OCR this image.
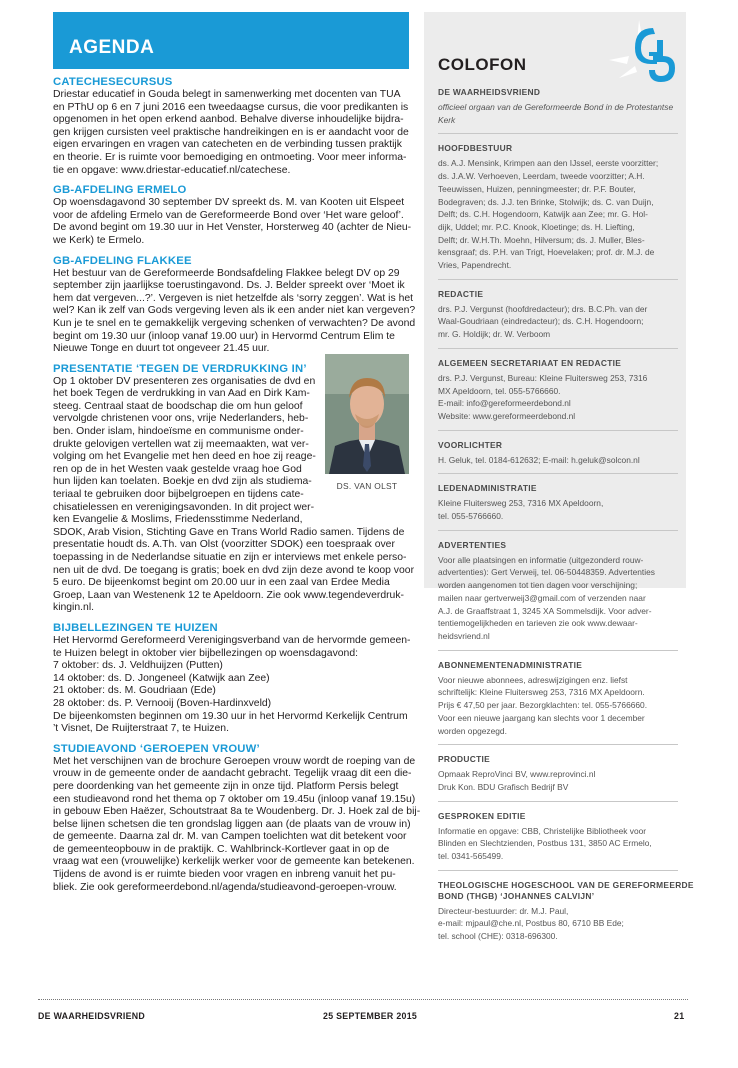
AGENDA
CATECHESECURSUS
Driestar educatief in Gouda belegt in samenwerking met docenten van TUA
en PThU op 6 en 7 juni 2016 een tweedaagse cursus, die voor predikanten is
opgenomen in het open erkend aanbod. Behalve diverse inhoudelijke bijdra-
gen krijgen cursisten veel praktische handreikingen en is er aandacht voor de
eigen ervaringen en vragen van catecheten en de verbinding tussen praktijk
en theorie. Er is ruimte voor bemoediging en ontmoeting. Voor meer informa-
tie en opgave: www.driestar-educatief.nl/catechese.
GB-AFDELING ERMELO
Op woensdagavond 30 september DV spreekt ds. M. van Kooten uit Elspeet
voor de afdeling Ermelo van de Gereformeerde Bond over ‘Het ware geloof’.
De avond begint om 19.30 uur in Het Venster, Horsterweg 40 (achter de Nieu-
we Kerk) te Ermelo.
GB-AFDELING FLAKKEE
Het bestuur van de Gereformeerde Bondsafdeling Flakkee belegt DV op 29
september zijn jaarlijkse toerustingavond. Ds. J. Belder spreekt over ‘Moet ik
hem dat vergeven...?’. Vergeven is niet hetzelfde als ‘sorry zeggen’. Wat is het
wel? Kan ik zelf van Gods vergeving leven als ik een ander niet kan vergeven?
Kun je te snel en te gemakkelijk vergeving schenken of verwachten? De avond
begint om 19.30 uur (inloop vanaf 19.00 uur) in Hervormd Centrum Elim te
Nieuwe Tonge en duurt tot ongeveer 21.45 uur.
PRESENTATIE ‘TEGEN DE VERDRUKKING IN’
Op 1 oktober DV presenteren zes organisaties de dvd en
het boek Tegen de verdrukking in van Aad en Dirk Kam-
steeg. Centraal staat de boodschap die om hun geloof
vervolgde christenen voor ons, vrije Nederlanders, heb-
ben. Onder islam, hindoeïsme en communisme onder-
drukte gelovigen vertellen wat zij meemaakten, wat ver-
volging om het Evangelie met hen deed en hoe zij reage-
ren op de in het Westen vaak gestelde vraag hoe God
hun lijden kan toelaten. Boekje en dvd zijn als studiema-
teriaal te gebruiken door bijbelgroepen en tijdens cate-
chisatielessen en verenigingsavonden. In dit project wer-
ken Evangelie & Moslims, Friedensstimme Nederland,
SDOK, Arab Vision, Stichting Gave en Trans World Radio samen. Tijdens de
presentatie houdt ds. A.Th. van Olst (voorzitter SDOK) een toespraak over
toepassing in de Nederlandse situatie en zijn er interviews met enkele perso-
nen uit de dvd. De toegang is gratis; boek en dvd zijn deze avond te koop voor
5 euro. De bijeenkomst begint om 20.00 uur in een zaal van Erdee Media
Groep, Laan van Westenenk 12 te Apeldoorn. Zie ook www.tegendeverdruk-
kingin.nl.
DS. VAN OLST
BIJBELLEZINGEN TE HUIZEN
Het Hervormd Gereformeerd Verenigingsverband van de hervormde gemeen-
te Huizen belegt in oktober vier bijbellezingen op woensdagavond:
7 oktober: ds. J. Veldhuijzen (Putten)
14 oktober: ds. D. Jongeneel (Katwijk aan Zee)
21 oktober: ds. M. Goudriaan (Ede)
28 oktober: ds. P. Vernooij (Boven-Hardinxveld)
De bijeenkomsten beginnen om 19.30 uur in het Hervormd Kerkelijk Centrum
’t Visnet, De Ruijterstraat 7, te Huizen.
STUDIEAVOND ‘GEROEPEN VROUW’
Met het verschijnen van de brochure Geroepen vrouw wordt de roeping van de
vrouw in de gemeente onder de aandacht gebracht. Tegelijk vraag dit een die-
pere doordenking van het gemeente zijn in onze tijd. Platform Persis belegt
een studieavond rond het thema op 7 oktober om 19.45u (inloop vanaf 19.15u)
in gebouw Eben Haëzer, Schoutstraat 8a te Woudenberg. Dr. J. Hoek zal de bij-
belse lijnen schetsen die ten grondslag liggen aan (de plaats van de vrouw in)
de gemeente. Daarna zal dr. M. van Campen toelichten wat dit betekent voor
de gemeenteopbouw in de praktijk. C. Wahlbrinck-Kortlever gaat in op de
vraag wat een (vrouwelijke) kerkelijk werker voor de gemeente kan betekenen.
Tijdens de avond is er ruimte bieden voor vragen en inbreng vanuit het pu-
bliek. Zie ook gereformeerdebond.nl/agenda/studieavond-geroepen-vrouw.
COLOFON
DE WAARHEIDSVRIEND
officieel orgaan van de Gereformeerde Bond in de Protestantse
Kerk
HOOFDBESTUUR
ds. A.J. Mensink, Krimpen aan den IJssel, eerste voorzitter;
ds. J.A.W. Verhoeven, Leerdam, tweede voorzitter; A.H.
Teeuwissen, Huizen, penningmeester; dr. P.F. Bouter,
Bodegraven; ds. J.J. ten Brinke, Stolwijk; ds. C. van Duijn,
Delft; ds. C.H. Hogendoorn, Katwijk aan Zee; mr. G. Hol-
dijk, Uddel; mr. P.C. Knook, Kloetinge; ds. H. Liefting,
Delft; dr. W.H.Th. Moehn, Hilversum; ds. J. Muller, Bles-
kensgraaf; ds. P.H. van Trigt, Hoevelaken; prof. dr. M.J. de
Vries, Papendrecht.
REDACTIE
drs. P.J. Vergunst (hoofdredacteur); drs. B.C.Ph. van der
Waal-Goudriaan (eindredacteur); ds. C.H. Hogendoorn;
mr. G. Holdijk; dr. W. Verboom
ALGEMEEN SECRETARIAAT EN REDACTIE
drs. P.J. Vergunst, Bureau: Kleine Fluitersweg 253, 7316
MX Apeldoorn, tel. 055-5766660.
E-mail: info@gereformeerdebond.nl
Website: www.gereformeerdebond.nl
VOORLICHTER
H. Geluk, tel. 0184-612632; E-mail: h.geluk@solcon.nl
LEDENADMINISTRATIE
Kleine Fluitersweg 253, 7316 MX Apeldoorn,
tel. 055-5766660.
ADVERTENTIES
Voor alle plaatsingen en informatie (uitgezonderd rouw-
advertenties): Gert Verweij, tel. 06-50448359. Advertenties
worden aangenomen tot tien dagen voor verschijning;
mailen naar gertverweij3@gmail.com of verzenden naar
A.J. de Graaffstraat 1, 3245 XA Sommelsdijk. Voor adver-
tentiemogelijkheden en tarieven zie ook www.dewaar-
heidsvriend.nl
ABONNEMENTENADMINISTRATIE
Voor nieuwe abonnees, adreswijzigingen enz. liefst
schriftelijk: Kleine Fluitersweg 253, 7316 MX Apeldoorn.
Prijs € 47,50 per jaar. Bezorgklachten: tel. 055-5766660.
Voor een nieuwe jaargang kan slechts voor 1 december
worden opgezegd.
PRODUCTIE
Opmaak ReproVinci BV, www.reprovinci.nl
Druk Kon. BDU Grafisch Bedrijf BV
GESPROKEN EDITIE
Informatie en opgave: CBB, Christelijke Bibliotheek voor
Blinden en Slechtzienden, Postbus 131, 3850 AC Ermelo,
tel. 0341-565499.
THEOLOGISCHE HOGESCHOOL VAN DE GEREFORMEERDE
BOND (THGB) ‘JOHANNES CALVIJN’
Directeur-bestuurder: dr. M.J. Paul,
e-mail: mjpaul@che.nl, Postbus 80, 6710 BB Ede;
tel. school (CHE): 0318-696300.
DE WAARHEIDSVRIEND	25 SEPTEMBER 2015	21
